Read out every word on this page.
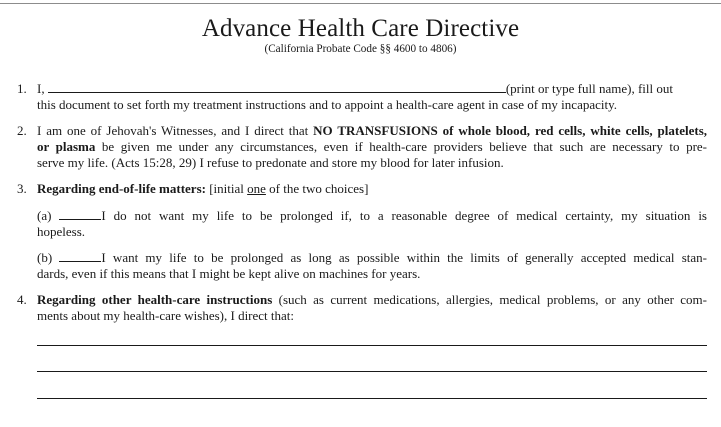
Advance Health Care Directive
(California Probate Code §§ 4600 to 4806)
1. I,	(print or type full name), fill out
this document to set forth my treatment instructions and to appoint a health-care agent in case of my incapacity.
2. I am one of Jehovah's Witnesses, and I direct that NO TRANSFUSIONS of whole blood, red cells, white cells, platelets,
or plasma be given me under any circumstances, even if health-care providers believe that such are necessary to pre-
serve my life. (Acts 15:28, 29) I refuse to predonate and store my blood for later infusion.
3. Regarding end-of-life matters: [initial one of the two choices]
(a)	I do not want my life to be prolonged if, to a reasonable degree of medical certainty, my situation is
hopeless.
(b)	I want my life to be prolonged as long as possible within the limits of generally accepted medical stan-
dards, even if this means that I might be kept alive on machines for years.
4. Regarding other health-care instructions (such as current medications, allergies, medical problems, or any other com-
ments about my health-care wishes), I direct that:
